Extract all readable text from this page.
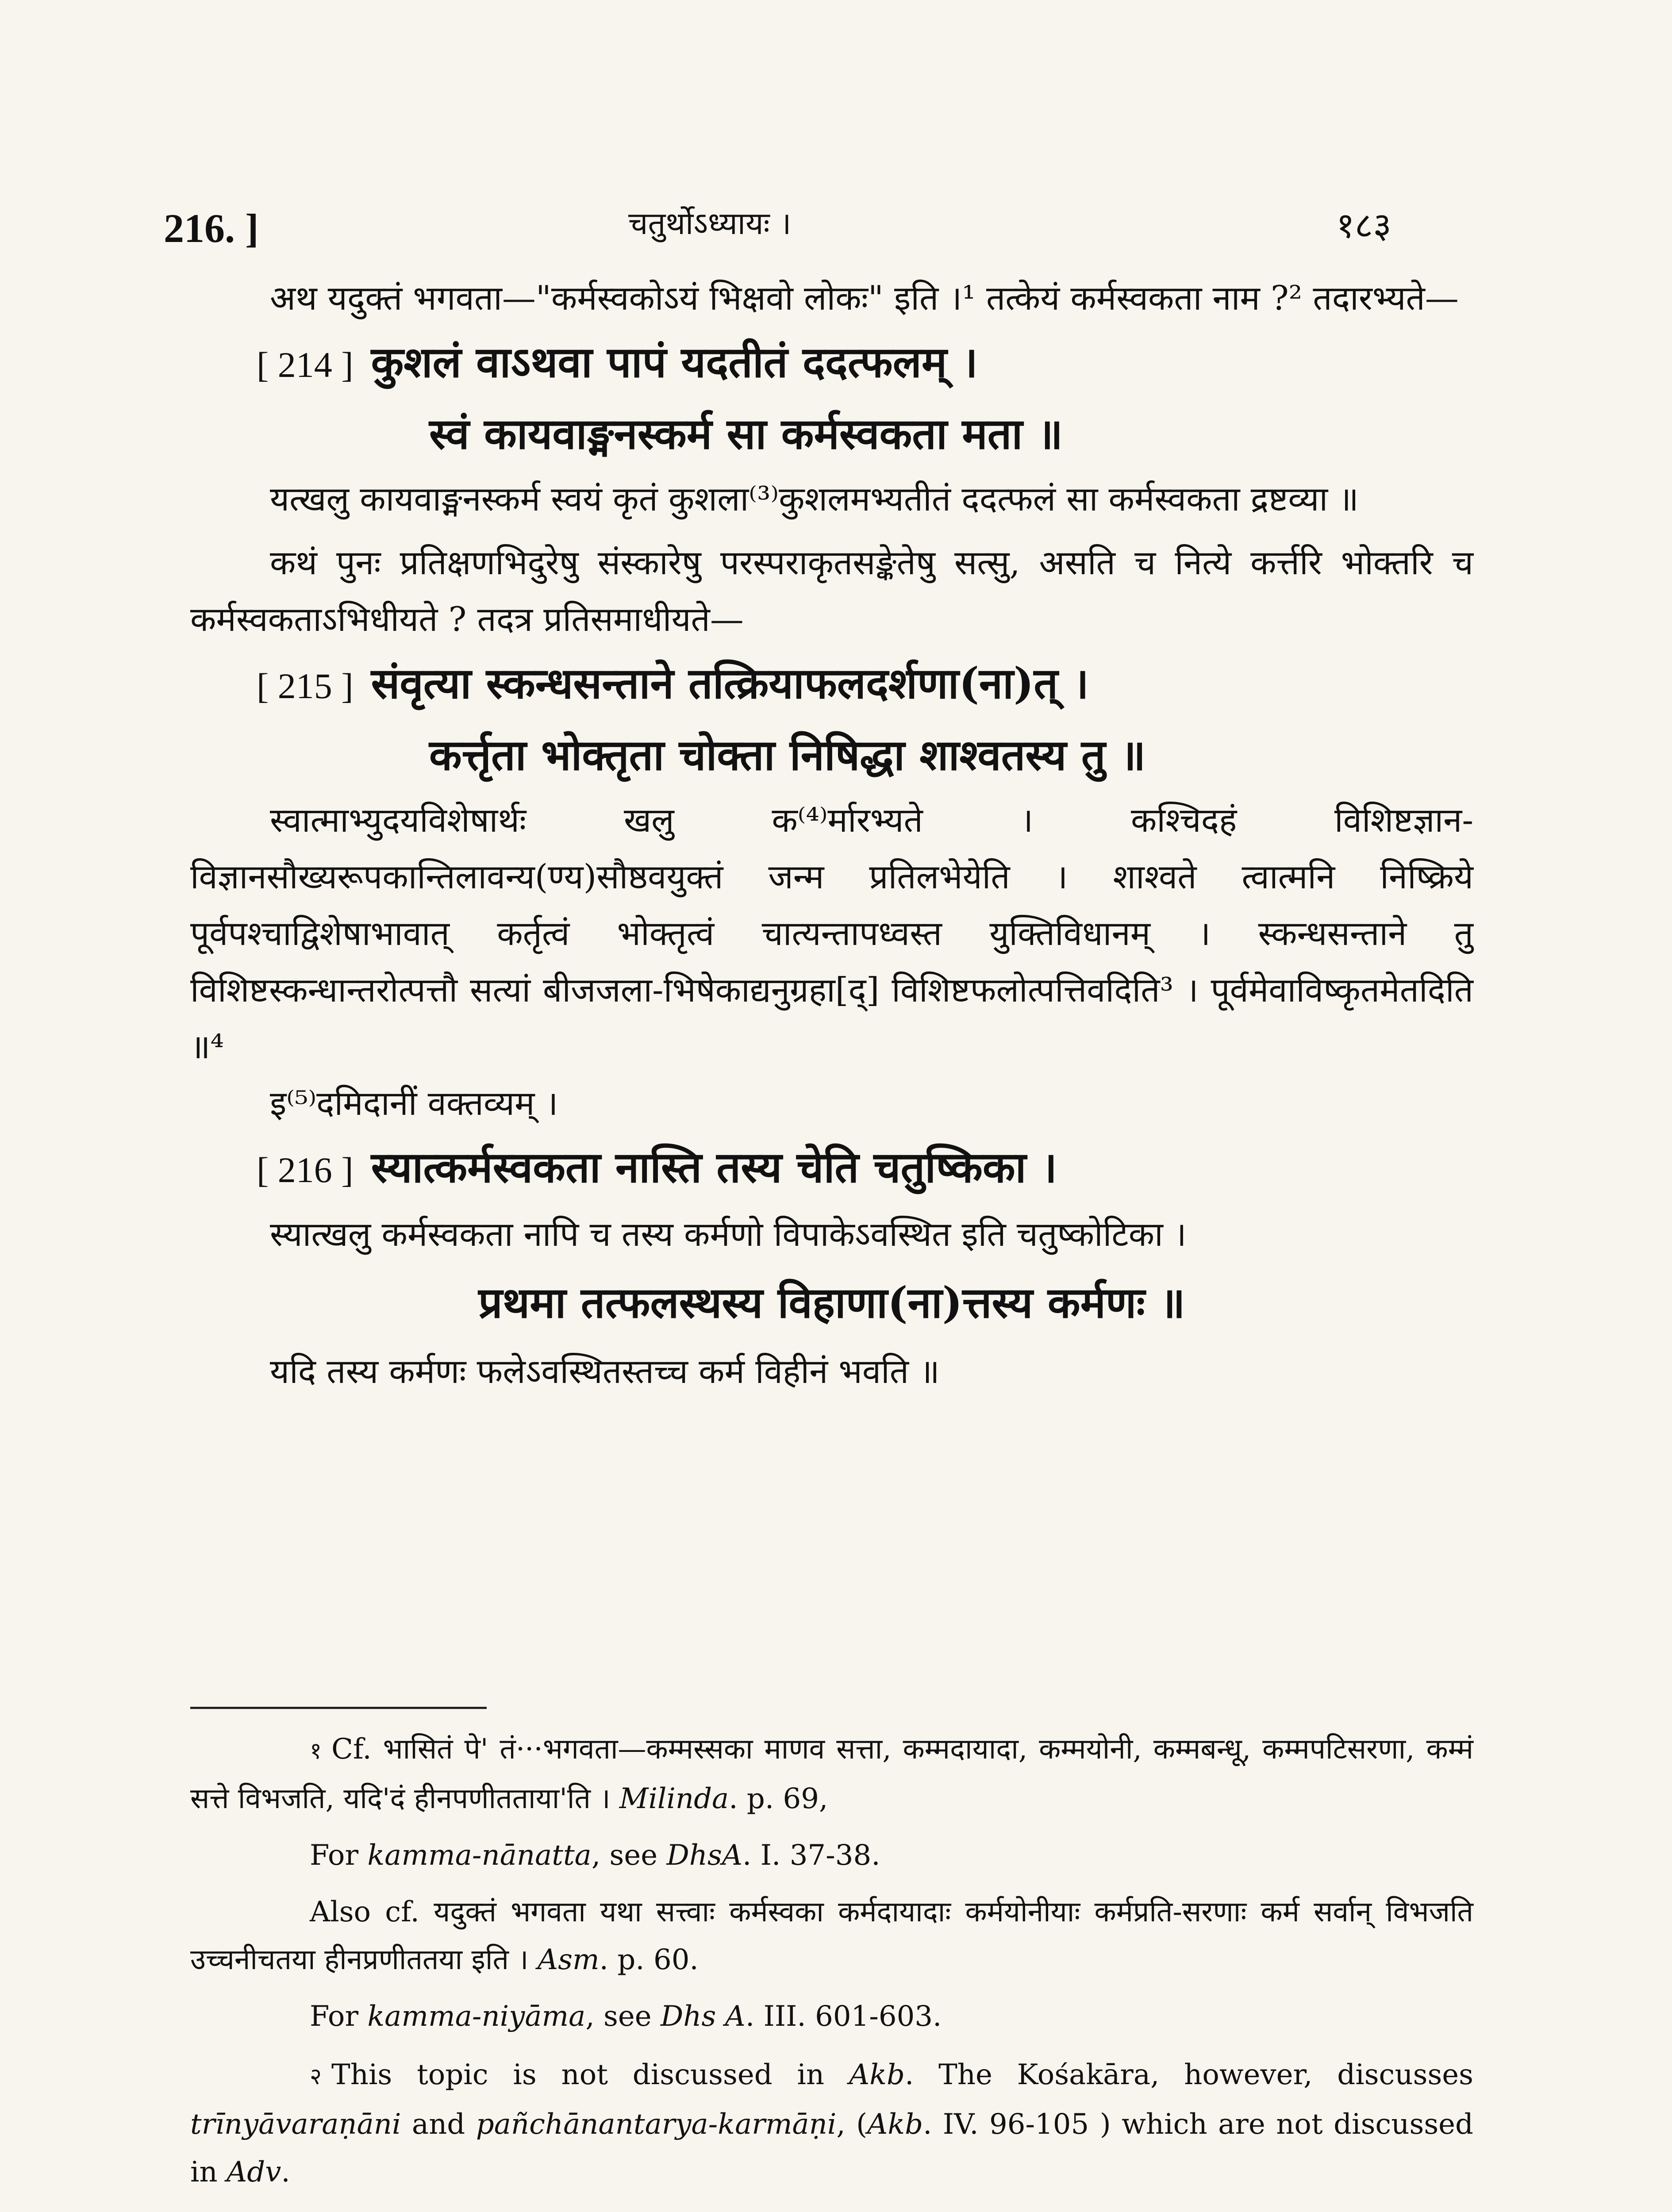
216. ]	चतुर्थोऽध्यायः ।	१८३

अथ यदुक्तं भगवता—"कर्मस्वकोऽयं भिक्षवो लोकः" इति ।¹ तत्केयं कर्मस्वकता नाम ?² तदारभ्यते—

[ 214 ] कुशलं वाऽथवा पापं यदतीतं ददत्फलम् ।

स्वं कायवाङ्मनस्कर्म सा कर्मस्वकता मता ॥

यत्खलु कायवाङ्मनस्कर्म स्वयं कृतं कुशला⁽³⁾कुशलमभ्यतीतं ददत्फलं सा कर्मस्वकता द्रष्टव्या ॥

कथं पुनः प्रतिक्षणभिदुरेषु संस्कारेषु परस्पराकृतसङ्केतेषु सत्सु, असति च नित्ये कर्त्तरि भोक्तरि च कर्मस्वकताऽभिधीयते ? तदत्र प्रतिसमाधीयते—

[ 215 ] संवृत्या स्कन्धसन्ताने तत्क्रियाफलदर्शणा(ना)त् ।

कर्त्तृता भोक्तृता चोक्ता निषिद्धा शाश्वतस्य तु ॥

स्वात्माभ्युदयविशेषार्थः खलु क⁽⁴⁾र्मारभ्यते । कश्चिदहं विशिष्टज्ञान-विज्ञानसौख्यरूपकान्तिलावन्य(ण्य)सौष्ठवयुक्तं जन्म प्रतिलभेयेति । शाश्वते त्वात्मनि निष्क्रिये पूर्वपश्चाद्विशेषाभावात् कर्तृत्वं भोक्तृत्वं चात्यन्तापध्वस्त युक्तिविधानम् । स्कन्धसन्ताने तु विशिष्टस्कन्धान्तरोत्पत्तौ सत्यां बीजजला-भिषेकाद्यनुग्रहा[द्] विशिष्टफलोत्पत्तिवदिति³ । पूर्वमेवाविष्कृतमेतदिति ॥⁴

इ⁽⁵⁾दमिदानीं वक्तव्यम् ।

[ 216 ] स्यात्कर्मस्वकता नास्ति तस्य चेति चतुष्किका ।

स्यात्खलु कर्मस्वकता नापि च तस्य कर्मणो विपाकेऽवस्थित इति चतुष्कोटिका ।

प्रथमा तत्फलस्थस्य विहाणा(ना)त्तस्य कर्मणः ॥

यदि तस्य कर्मणः फलेऽवस्थितस्तच्च कर्म विहीनं भवति ॥

१ Cf. भासितं पे' तं···भगवता—कम्मस्सका माणव सत्ता, कम्मदायादा, कम्मयोनी, कम्मबन्धू, कम्मपटिसरणा, कम्मं सत्ते विभजति, यदि'दं हीनपणीतताया'ति । Milinda. p. 69,

For kamma-nānatta, see DhsA. I. 37-38.

Also cf. यदुक्तं भगवता यथा सत्त्वाः कर्मस्वका कर्मदायादाः कर्मयोनीयाः कर्मप्रति-सरणाः कर्म सर्वान् विभजति उच्चनीचतया हीनप्रणीततया इति । Asm. p. 60.

For kamma-niyāma, see Dhs A. III. 601-603.

२ This topic is not discussed in Akb. The Kośakāra, however, discusses trīnyāvaraṇāni and pañchānantarya-karmāṇi, (Akb. IV. 96-105 ) which are not discussed in Adv.
